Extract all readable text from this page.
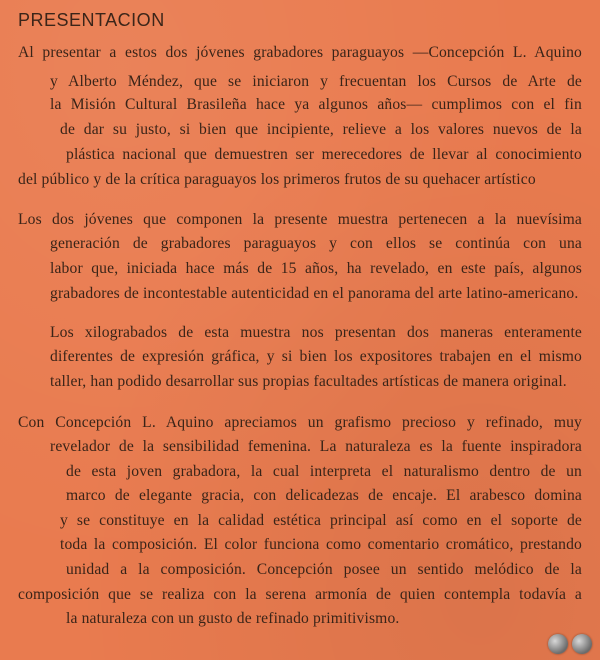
PRESENTACION
Al presentar a estos dos jóvenes grabadores paraguayos —Concepción L. Aquino
y Alberto Méndez, que se iniciaron y frecuentan los Cursos de Arte de
la Misión Cultural Brasileña hace ya algunos años— cumplimos con el fin
de dar su justo, si bien que incipiente, relieve a los valores nuevos de la
plástica nacional que demuestren ser merecedores de llevar al conocimiento
del público y de la crítica paraguayos los primeros frutos de su quehacer artístico
Los dos jóvenes que componen la presente muestra pertenecen a la nuevísima
generación de grabadores paraguayos y con ellos se continúa con una
labor que, iniciada hace más de 15 años, ha revelado, en este país, algunos
grabadores de incontestable autenticidad en el panorama del arte latino-americano.
Los xilograbados de esta muestra nos presentan dos maneras enteramente
diferentes de expresión gráfica, y si bien los expositores trabajen en el mismo
taller, han podido desarrollar sus propias facultades artísticas de manera original.
Con Concepción L. Aquino apreciamos un grafismo precioso y refinado, muy
revelador de la sensibilidad femenina. La naturaleza es la fuente inspiradora
de esta joven grabadora, la cual interpreta el naturalismo dentro de un
marco de elegante gracia, con delicadezas de encaje. El arabesco domina
y se constituye en la calidad estética principal así como en el soporte de
toda la composición. El color funciona como comentario cromático, prestando
unidad a la composición. Concepción posee un sentido melódico de la
composición que se realiza con la serena armonía de quien contempla todavía a
la naturaleza con un gusto de refinado primitivismo.
